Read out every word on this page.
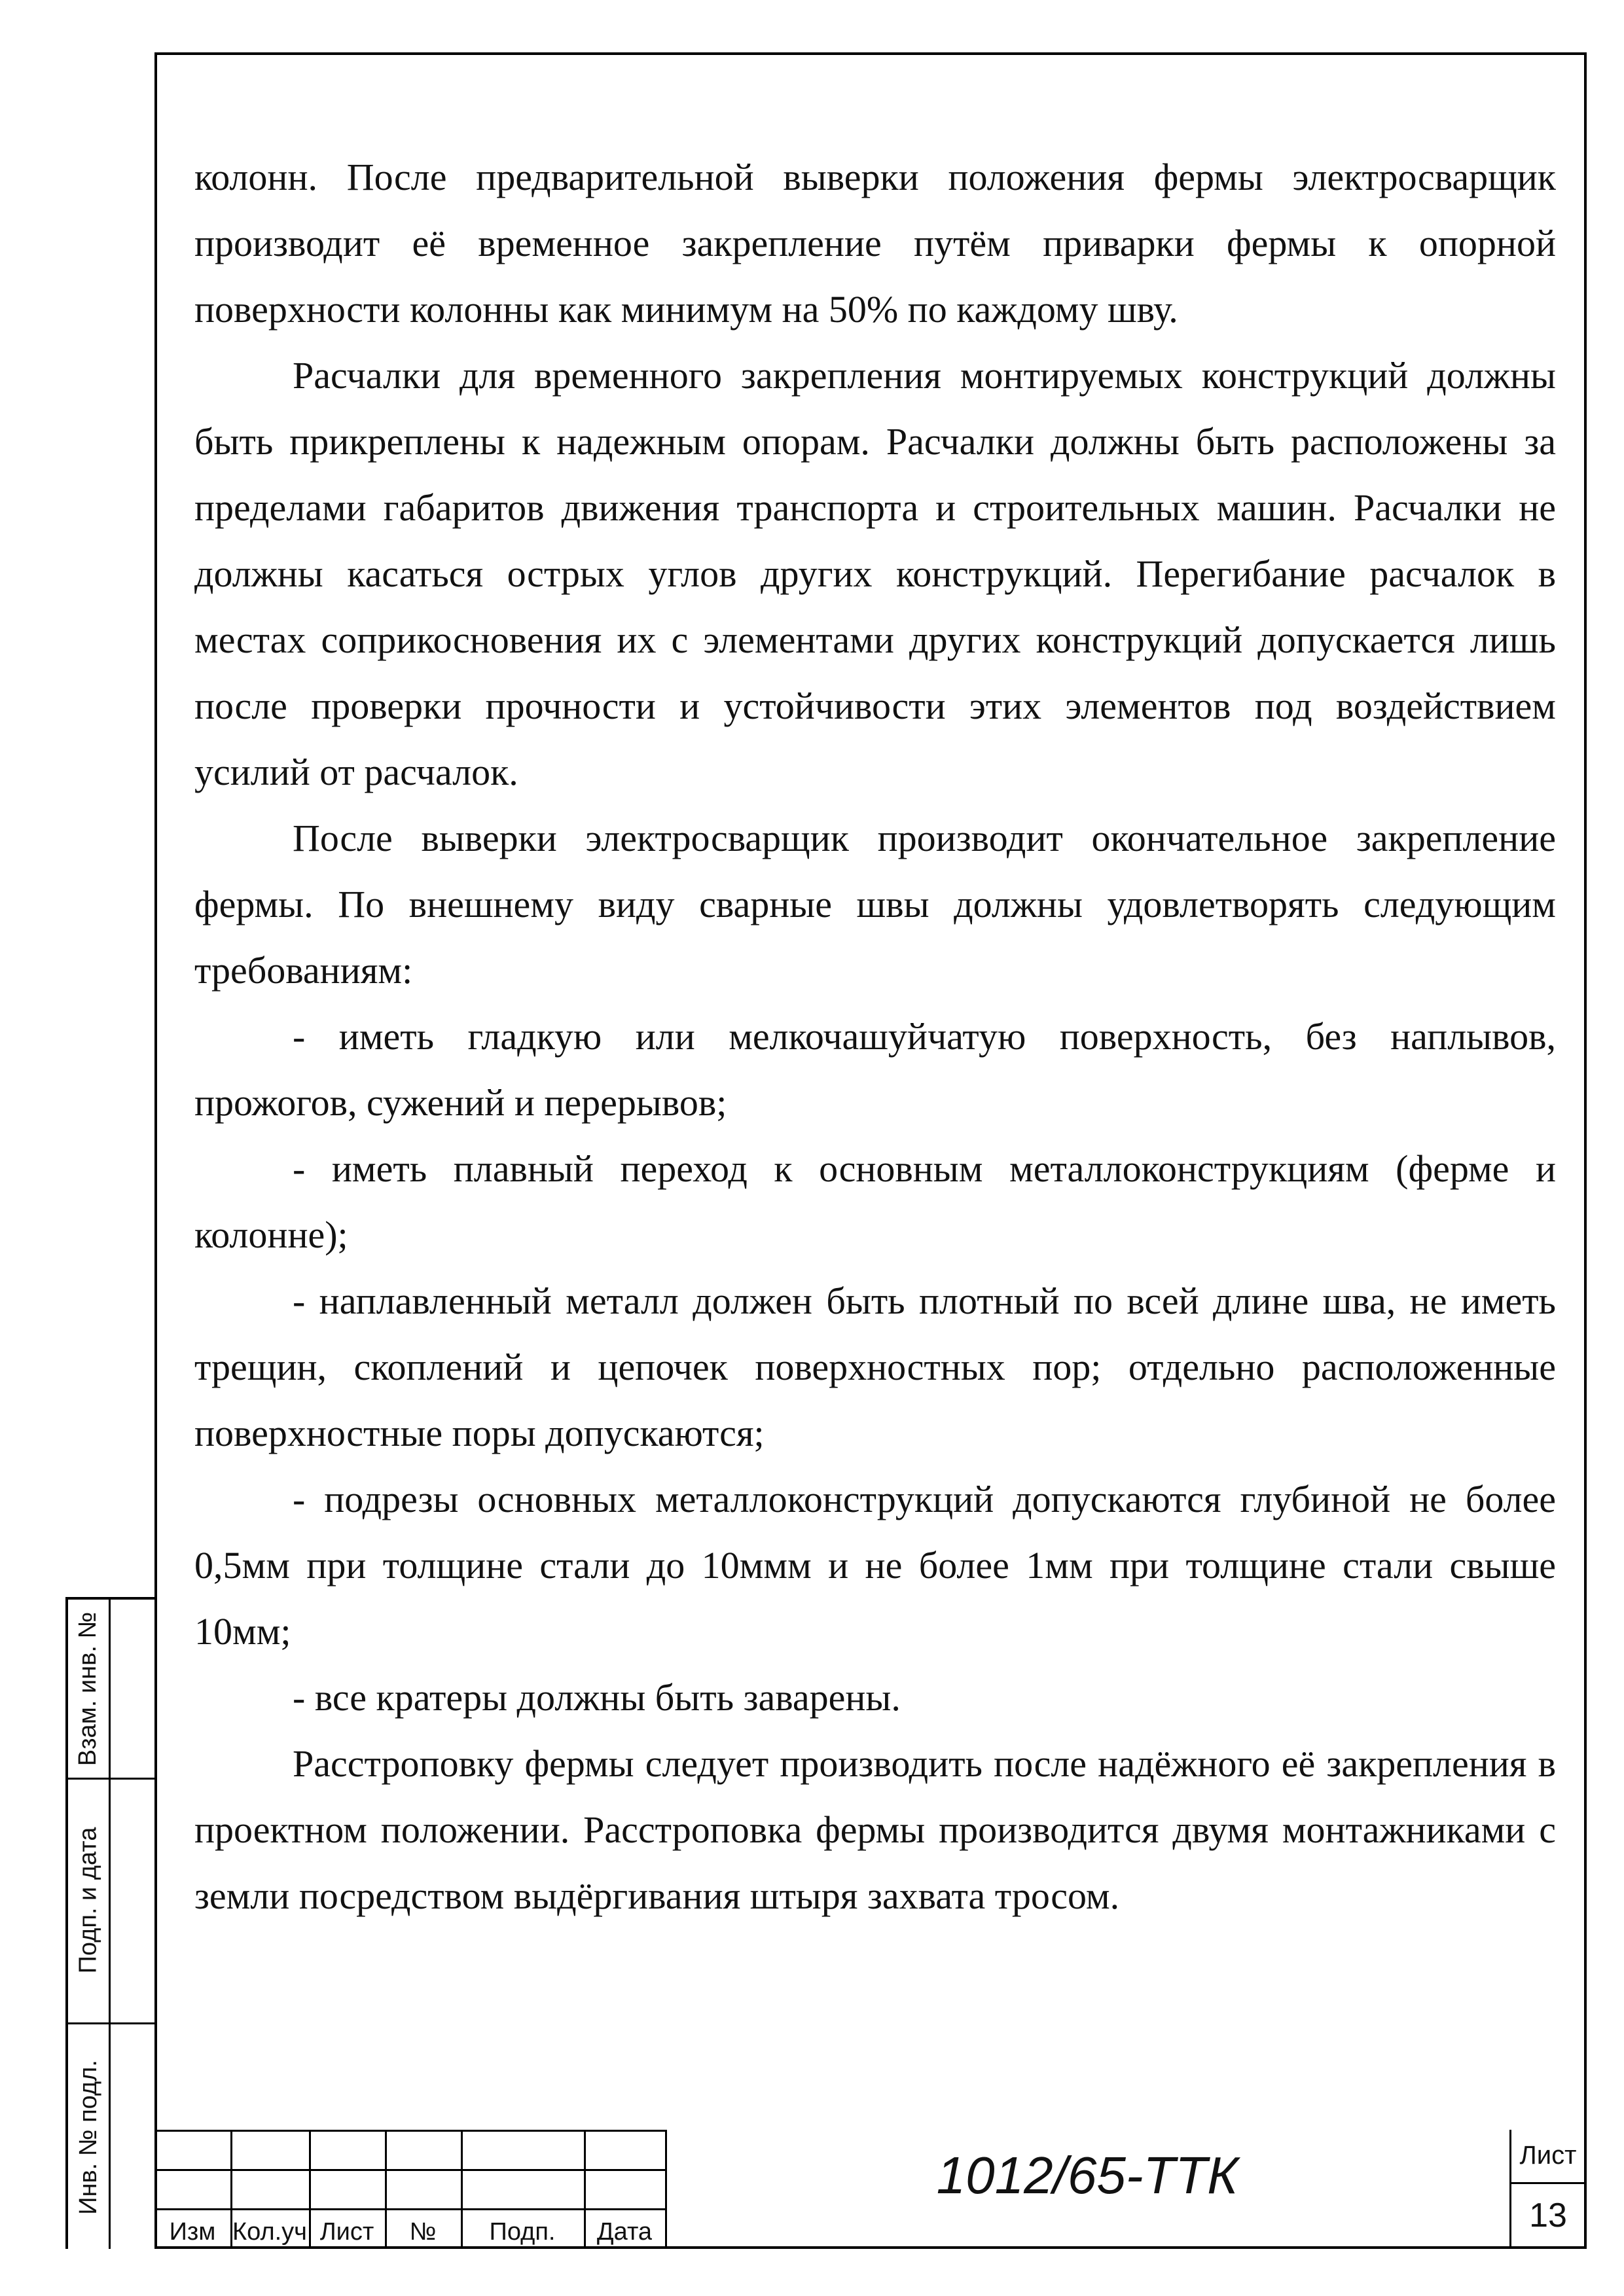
колонн. После предварительной выверки положения фермы электросварщик производит её временное закрепление путём приварки фермы к опорной поверхности колонны как минимум на 50% по каждому шву.

Расчалки для временного закрепления монтируемых конструкций должны быть прикреплены к надежным опорам. Расчалки должны быть расположены за пределами габаритов движения транспорта и строительных машин. Расчалки не должны касаться острых углов других конструкций. Перегибание расчалок в местах соприкосновения их с элементами других конструкций допускается лишь после проверки прочности и устойчивости этих элементов под воздействием усилий от расчалок.

После выверки электросварщик производит окончательное закрепление фермы. По внешнему виду сварные швы должны удовлетворять следующим требованиям:

- иметь гладкую или мелкочашуйчатую поверхность, без наплывов, прожогов, сужений и перерывов;

- иметь плавный переход к основным металлоконструкциям (ферме и колонне);

- наплавленный металл должен быть плотный по всей длине шва, не иметь трещин, скоплений и цепочек поверхностных пор; отдельно расположенные поверхностные поры допускаются;

- подрезы основных металлоконструкций допускаются глубиной не более 0,5мм при толщине стали до 10ммм и не более 1мм при толщине стали свыше 10мм;

- все кратеры должны быть заварены.

Расстроповку фермы следует производить после надёжного её закрепления в проектном положении. Расстроповка фермы производится двумя монтажниками с земли посредством выдёргивания штыря захвата тросом.

Взам. инв. №
Подп. и дата
Инв. № подл.
Изм Кол.уч Лист	№	Подп.	Дата
1012/65-ТТК	Лист
13
